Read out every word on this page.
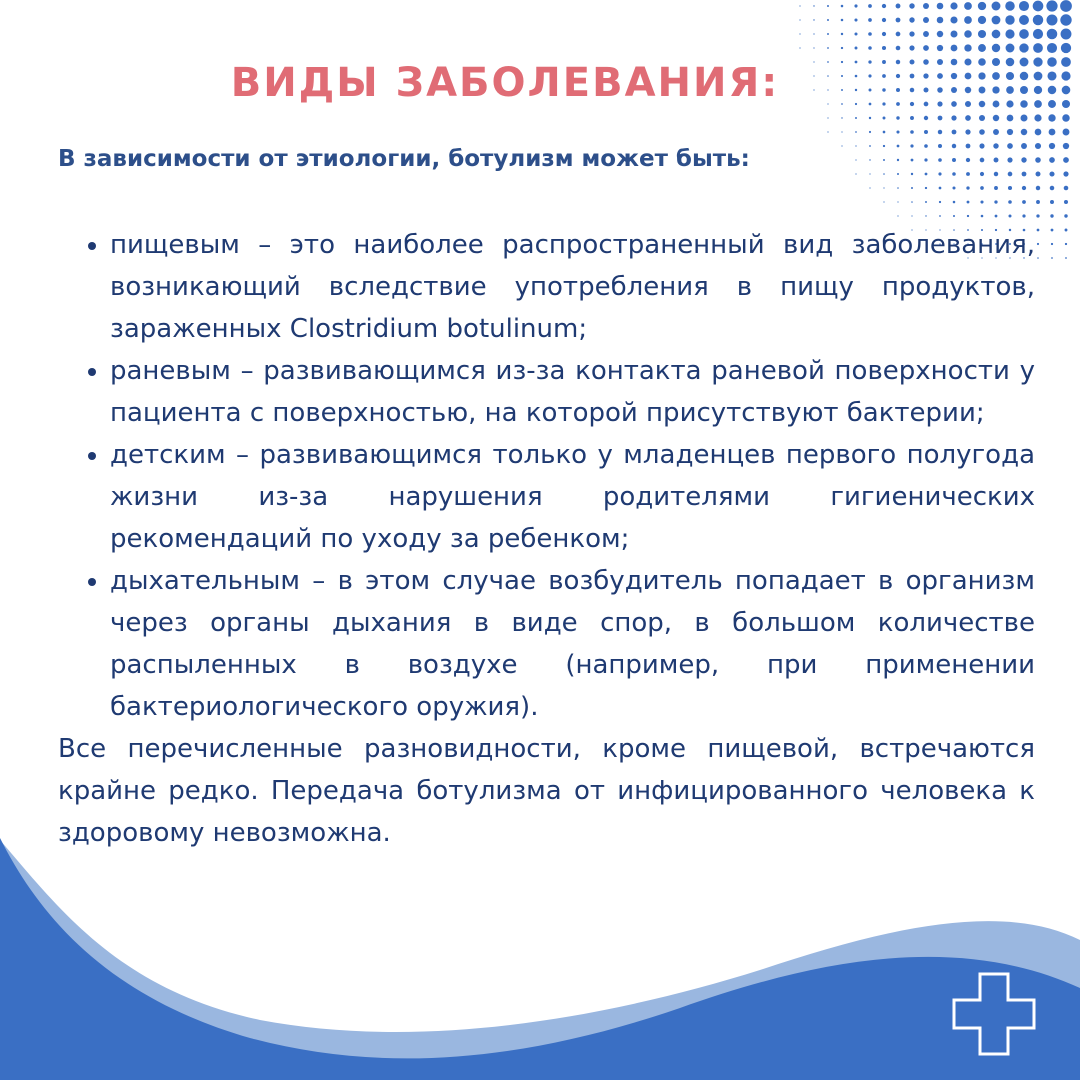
ВИДЫ ЗАБОЛЕВАНИЯ:

В зависимости от этиологии, ботулизм может быть:

• пищевым – это наиболее распространенный вид заболевания, возникающий вследствие употребления в пищу продуктов, зараженных Clostridium botulinum;
• раневым – развивающимся из-за контакта раневой поверхности у пациента с поверхностью, на которой присутствуют бактерии;
• детским – развивающимся только у младенцев первого полугода жизни из-за нарушения родителями гигиенических рекомендаций по уходу за ребенком;
• дыхательным – в этом случае возбудитель попадает в организм через органы дыхания в виде спор, в большом количестве распыленных в воздухе (например, при применении бактериологического оружия).

Все перечисленные разновидности, кроме пищевой, встречаются крайне редко. Передача ботулизма от инфицированного человека к здоровому невозможна.
